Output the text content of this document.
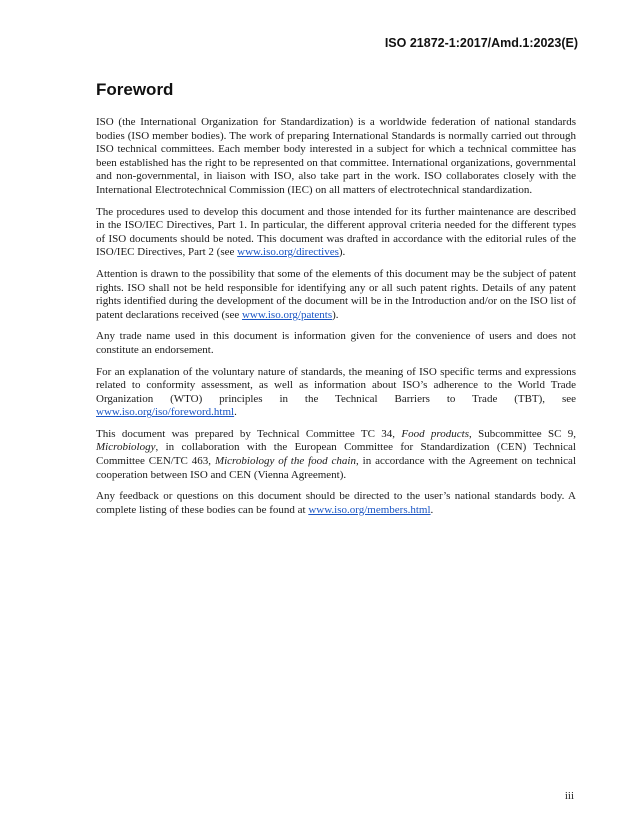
ISO 21872-1:2017/Amd.1:2023(E)
Foreword

ISO (the International Organization for Standardization) is a worldwide federation of national standards bodies (ISO member bodies). The work of preparing International Standards is normally carried out through ISO technical committees. Each member body interested in a subject for which a technical committee has been established has the right to be represented on that committee. International organizations, governmental and non-governmental, in liaison with ISO, also take part in the work. ISO collaborates closely with the International Electrotechnical Commission (IEC) on all matters of electrotechnical standardization.

The procedures used to develop this document and those intended for its further maintenance are described in the ISO/IEC Directives, Part 1. In particular, the different approval criteria needed for the different types of ISO documents should be noted. This document was drafted in accordance with the editorial rules of the ISO/IEC Directives, Part 2 (see www.iso.org/directives).

Attention is drawn to the possibility that some of the elements of this document may be the subject of patent rights. ISO shall not be held responsible for identifying any or all such patent rights. Details of any patent rights identified during the development of the document will be in the Introduction and/or on the ISO list of patent declarations received (see www.iso.org/patents).

Any trade name used in this document is information given for the convenience of users and does not constitute an endorsement.

For an explanation of the voluntary nature of standards, the meaning of ISO specific terms and expressions related to conformity assessment, as well as information about ISO’s adherence to the World Trade Organization (WTO) principles in the Technical Barriers to Trade (TBT), see www.iso.org/iso/foreword.html.

This document was prepared by Technical Committee TC 34, Food products, Subcommittee SC 9, Microbiology, in collaboration with the European Committee for Standardization (CEN) Technical Committee CEN/TC 463, Microbiology of the food chain, in accordance with the Agreement on technical cooperation between ISO and CEN (Vienna Agreement).

Any feedback or questions on this document should be directed to the user’s national standards body. A complete listing of these bodies can be found at www.iso.org/members.html.

iii
